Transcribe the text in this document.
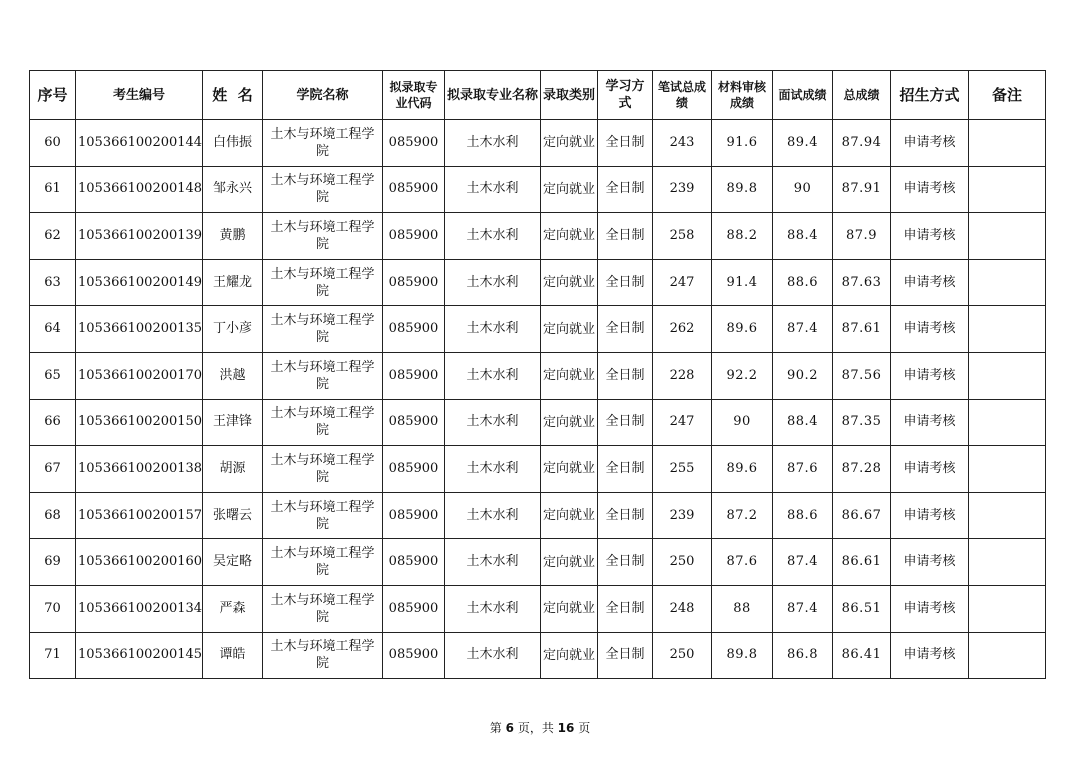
序号	考生编号	姓  名	学院名称	拟录取专业代码	拟录取专业名称	录取类别	学习方式	笔试总成绩	材料审核成绩	面试成绩	总成绩	招生方式	备注
60	105366100200144	白伟振	土木与环境工程学院	085900	土木水利	定向就业	全日制	243	91.6	89.4	87.94	申请考核	
61	105366100200148	邹永兴	土木与环境工程学院	085900	土木水利	定向就业	全日制	239	89.8	90	87.91	申请考核	
62	105366100200139	黄鹏	土木与环境工程学院	085900	土木水利	定向就业	全日制	258	88.2	88.4	87.9	申请考核	
63	105366100200149	王耀龙	土木与环境工程学院	085900	土木水利	定向就业	全日制	247	91.4	88.6	87.63	申请考核	
64	105366100200135	丁小彦	土木与环境工程学院	085900	土木水利	定向就业	全日制	262	89.6	87.4	87.61	申请考核	
65	105366100200170	洪越	土木与环境工程学院	085900	土木水利	定向就业	全日制	228	92.2	90.2	87.56	申请考核	
66	105366100200150	王津锋	土木与环境工程学院	085900	土木水利	定向就业	全日制	247	90	88.4	87.35	申请考核	
67	105366100200138	胡源	土木与环境工程学院	085900	土木水利	定向就业	全日制	255	89.6	87.6	87.28	申请考核	
68	105366100200157	张曙云	土木与环境工程学院	085900	土木水利	定向就业	全日制	239	87.2	88.6	86.67	申请考核	
69	105366100200160	吴定略	土木与环境工程学院	085900	土木水利	定向就业	全日制	250	87.6	87.4	86.61	申请考核	
70	105366100200134	严森	土木与环境工程学院	085900	土木水利	定向就业	全日制	248	88	87.4	86.51	申请考核	
71	105366100200145	谭皓	土木与环境工程学院	085900	土木水利	定向就业	全日制	250	89.8	86.8	86.41	申请考核	
第 6 页，共 16 页
